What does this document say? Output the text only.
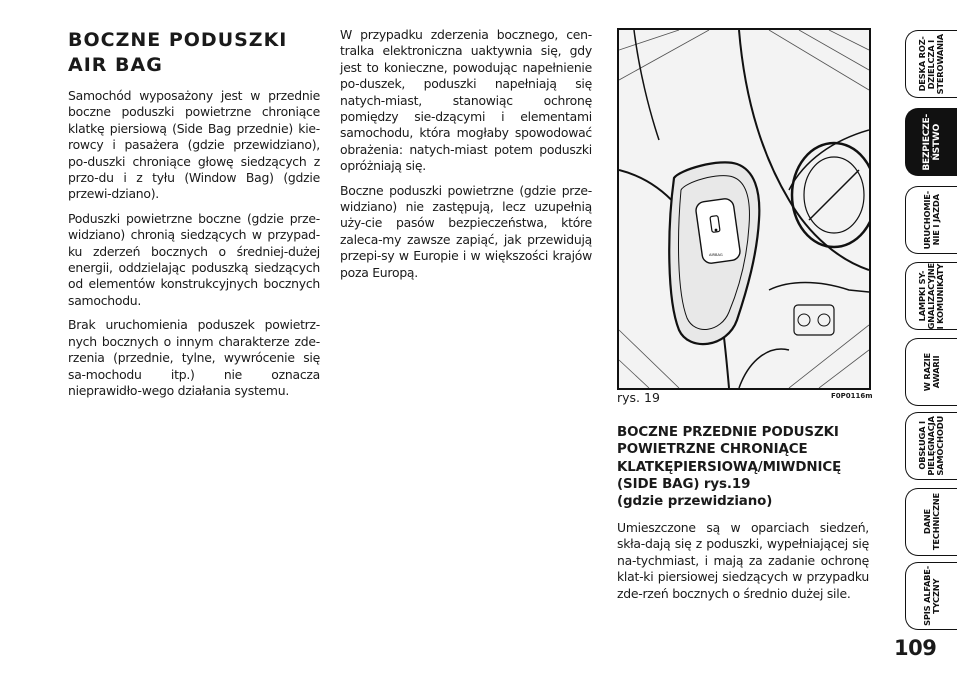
BOCZNE PODUSZKI
AIR BAG

Samochód wyposażony jest w przednie boczne poduszki powietrzne chroniące klatkę piersiową (Side Bag przednie) kie-rowcy i pasażera (gdzie przewidziano), po-duszki chroniące głowę siedzących z przo-du i z tyłu (Window Bag) (gdzie przewi-dziano).

Poduszki powietrzne boczne (gdzie prze-widziano) chronią siedzących w przypad-ku zderzeń bocznych o średniej-dużej energii, oddzielając poduszką siedzących od elementów konstrukcyjnych bocznych samochodu.

Brak uruchomienia poduszek powietrz-nych bocznych o innym charakterze zde-rzenia (przednie, tylne, wywrócenie się sa-mochodu itp.) nie oznacza nieprawidło-wego działania systemu.

W przypadku zderzenia bocznego, cen-tralka elektroniczna uaktywnia się, gdy jest to konieczne, powodując napełnienie po-duszek, poduszki napełniają się natych-miast, stanowiąc ochronę pomiędzy sie-dzącymi i elementami samochodu, która mogłaby spowodować obrażenia: natych-miast potem poduszki opróżniają się.

Boczne poduszki powietrzne (gdzie prze-widziano) nie zastępują, lecz uzupełnią uży-cie pasów bezpieczeństwa, które zaleca-my zawsze zapiąć, jak przewidują przepi-sy w Europie i w większości krajów poza Europą.

AIRBAG
rys. 19	F0P0116m
BOCZNE PRZEDNIE PODUSZKI
POWIETRZNE CHRONIĄCE
KLATKĘPIERSIOWĄ/MIWDNICĘ
(SIDE BAG) rys.19
(gdzie przewidziano)

Umieszczone są w oparciach siedzeń, skła-dają się z poduszki, wypełniającej się na-tychmiast, i mają za zadanie ochronę klat-ki piersiowej siedzących w przypadku zde-rzeń bocznych o średnio dużej sile.

109
DESKA ROZ-
DZIELCZA I
STEROWANIA
BEZPIECZE-
ŃSTWO
URUCHOMIE-
NIE I JAZDA
LAMPKI SY-
GNALIZACYJNE
I KOMUNIKATY
W RAZIE
AWARII
OBSŁUGA I
PIELĘGNACJA
SAMOCHODU
DANE
TECHNICZNE
SPIS ALFABE-
TYCZNY
